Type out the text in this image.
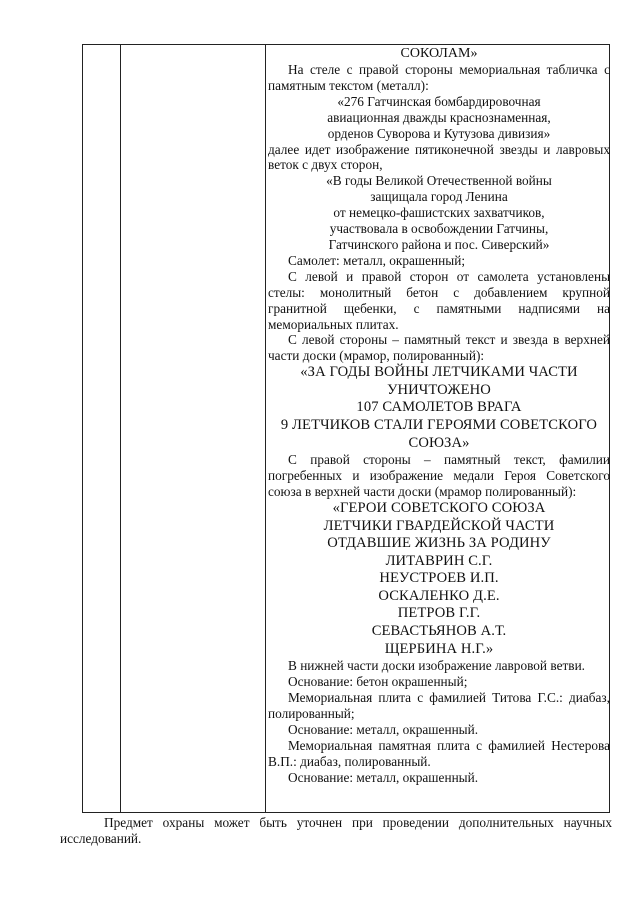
СОКОЛАМ»
На стеле с правой стороны мемориальная табличка с памятным текстом (металл):
«276 Гатчинская бомбардировочная
авиационная дважды краснознаменная,
орденов Суворова и Кутузова дивизия»
далее идет изображение пятиконечной звезды и лавровых веток с двух сторон,
«В годы Великой Отечественной войны
защищала город Ленина
от немецко-фашистских захватчиков,
участвовала в освобождении Гатчины,
Гатчинского района и пос. Сиверский»
Самолет: металл, окрашенный;
С левой и правой сторон от самолета установлены стелы: монолитный бетон с добавлением крупной гранитной щебенки, с памятными надписями на мемориальных плитах.
С левой стороны – памятный текст и звезда в верхней части доски (мрамор, полированный):
«ЗА ГОДЫ ВОЙНЫ ЛЕТЧИКАМИ ЧАСТИ
УНИЧТОЖЕНО
107 САМОЛЕТОВ ВРАГА
9 ЛЕТЧИКОВ СТАЛИ ГЕРОЯМИ СОВЕТСКОГО
СОЮЗА»
С правой стороны – памятный текст, фамилии погребенных и изображение медали Героя Советского союза в верхней части доски (мрамор полированный):
«ГЕРОИ СОВЕТСКОГО СОЮЗА
ЛЕТЧИКИ ГВАРДЕЙСКОЙ ЧАСТИ
ОТДАВШИЕ ЖИЗНЬ ЗА РОДИНУ
ЛИТАВРИН С.Г.
НЕУСТРОЕВ И.П.
ОСКАЛЕНКО Д.Е.
ПЕТРОВ Г.Г.
СЕВАСТЬЯНОВ А.Т.
ЩЕРБИНА Н.Г.»
В нижней части доски изображение лавровой ветви.
Основание: бетон окрашенный;
Мемориальная плита с фамилией Титова Г.С.: диабаз, полированный;
Основание: металл, окрашенный.
Мемориальная памятная плита с фамилией Нестерова В.П.: диабаз, полированный.
Основание: металл, окрашенный.
Предмет охраны может быть уточнен при проведении дополнительных научных исследований.
